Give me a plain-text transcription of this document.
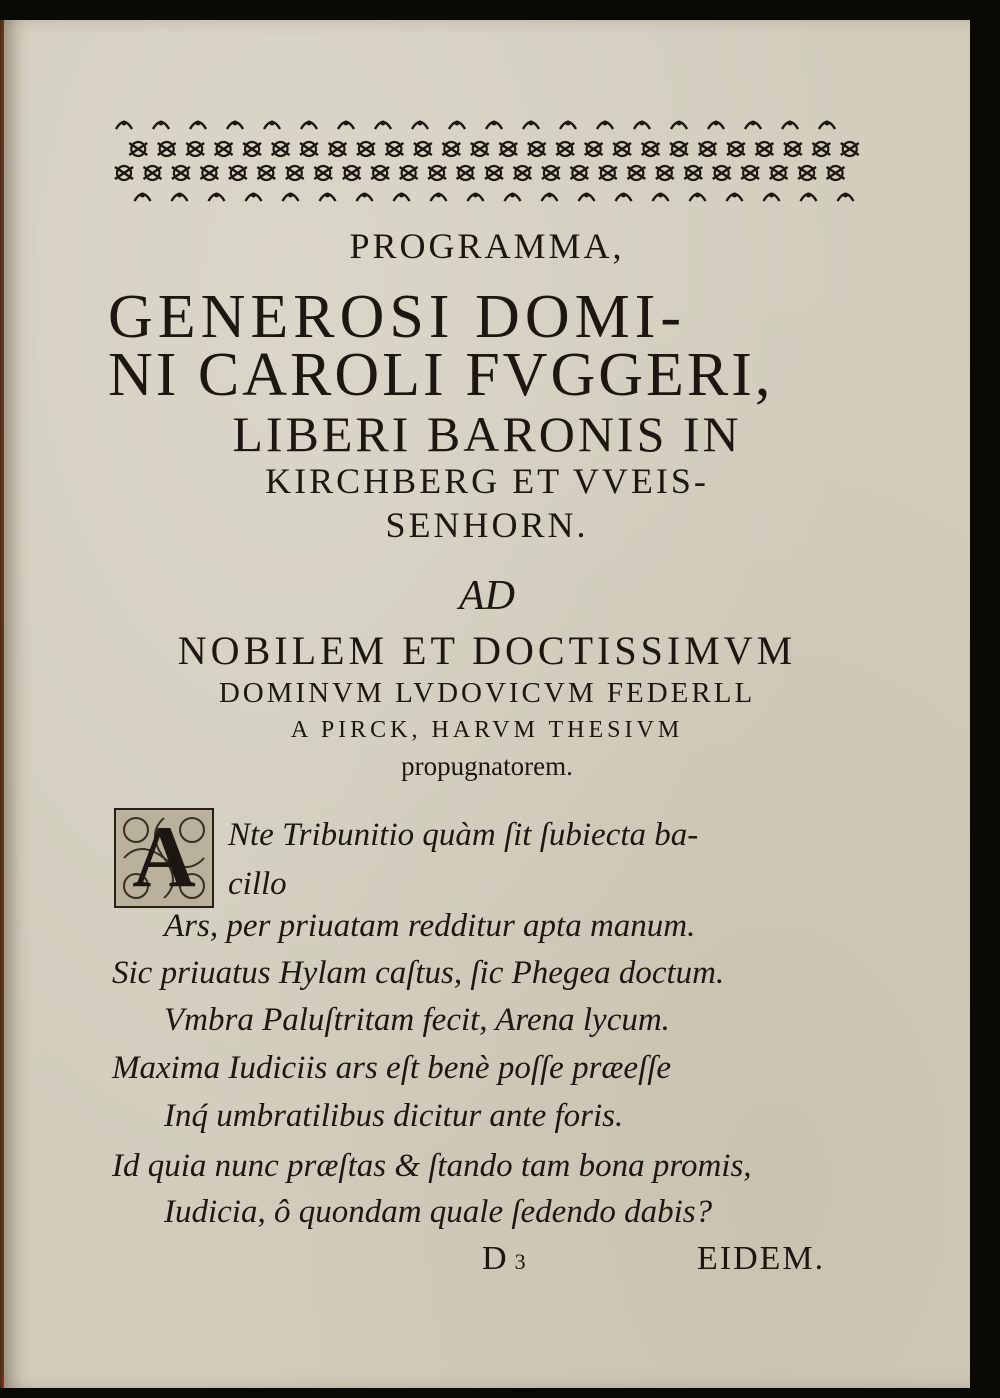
PROGRAMMA,
GENEROSI DOMI-
NI CAROLI FVGGERI,
LIBERI BARONIS IN
KIRCHBERG ET VVEIS-
SENHORN.
AD
NOBILEM ET DOCTISSIMVM
DOMINVM LVDOVICVM FEDERLL
A PIRCK, HARVM THESIVM
propugnatorem.
A Nte Tribunitio quàm ſit ſubiecta ba-
cillo
Ars, per priuatam redditur apta manum.
Sic priuatus Hylam caſtus, ſic Phegea doctum.
Vmbra Paluſtritam fecit, Arena lycum.
Maxima Iudiciis ars eſt benè poſſe præeſſe
Inq́ umbratilibus dicitur ante foris.
Id quia nunc præſtas & ſtando tam bona promis,
Iudicia, ô quondam quale ſedendo dabis?
D 3	EIDEM.
